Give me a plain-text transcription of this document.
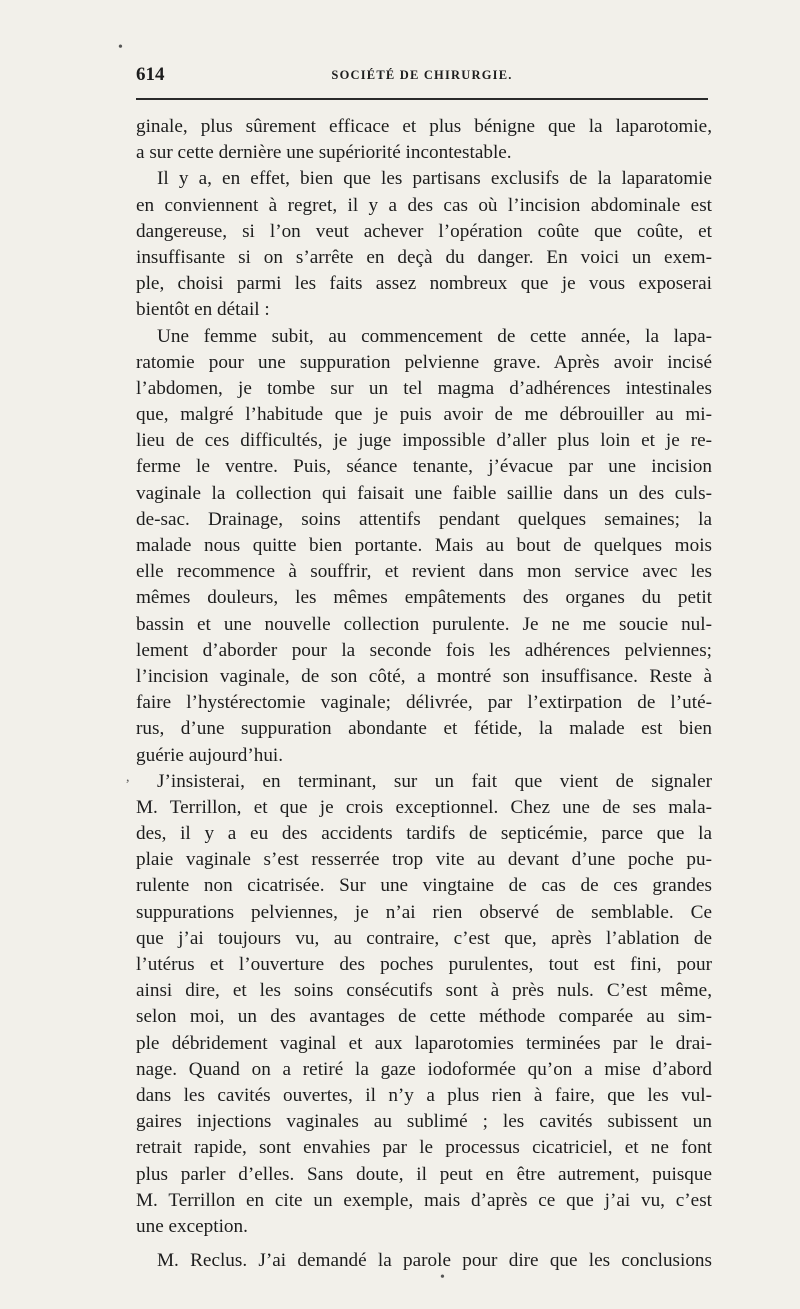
•
614	SOCIÉTÉ DE CHIRURGIE.
ginale, plus sûrement efficace et plus bénigne que la laparotomie,
a sur cette dernière une supériorité incontestable.
Il y a, en effet, bien que les partisans exclusifs de la laparatomie
en conviennent à regret, il y a des cas où l’incision abdominale est
dangereuse, si l’on veut achever l’opération coûte que coûte, et
insuffisante si on s’arrête en deçà du danger. En voici un exem-
ple, choisi parmi les faits assez nombreux que je vous exposerai
bientôt en détail :
Une femme subit, au commencement de cette année, la lapa-
ratomie pour une suppuration pelvienne grave. Après avoir incisé
l’abdomen, je tombe sur un tel magma d’adhérences intestinales
que, malgré l’habitude que je puis avoir de me débrouiller au mi-
lieu de ces difficultés, je juge impossible d’aller plus loin et je re-
ferme le ventre. Puis, séance tenante, j’évacue par une incision
vaginale la collection qui faisait une faible saillie dans un des culs-
de-sac. Drainage, soins attentifs pendant quelques semaines; la
malade nous quitte bien portante. Mais au bout de quelques mois
elle recommence à souffrir, et revient dans mon service avec les
mêmes douleurs, les mêmes empâtements des organes du petit
bassin et une nouvelle collection purulente. Je ne me soucie nul-
lement d’aborder pour la seconde fois les adhérences pelviennes;
l’incision vaginale, de son côté, a montré son insuffisance. Reste à
faire l’hystérectomie vaginale; délivrée, par l’extirpation de l’uté-
rus, d’une suppuration abondante et fétide, la malade est bien
guérie aujourd’hui.
J’insisterai, en terminant, sur un fait que vient de signaler
M. Terrillon, et que je crois exceptionnel. Chez une de ses mala-
des, il y a eu des accidents tardifs de septicémie, parce que la
plaie vaginale s’est resserrée trop vite au devant d’une poche pu-
rulente non cicatrisée. Sur une vingtaine de cas de ces grandes
suppurations pelviennes, je n’ai rien observé de semblable. Ce
que j’ai toujours vu, au contraire, c’est que, après l’ablation de
l’utérus et l’ouverture des poches purulentes, tout est fini, pour
ainsi dire, et les soins consécutifs sont à près nuls. C’est même,
selon moi, un des avantages de cette méthode comparée au sim-
ple débridement vaginal et aux laparotomies terminées par le drai-
nage. Quand on a retiré la gaze iodoformée qu’on a mise d’abord
dans les cavités ouvertes, il n’y a plus rien à faire, que les vul-
gaires injections vaginales au sublimé ; les cavités subissent un
retrait rapide, sont envahies par le processus cicatriciel, et ne font
plus parler d’elles. Sans doute, il peut en être autrement, puisque
M. Terrillon en cite un exemple, mais d’après ce que j’ai vu, c’est
une exception.
M. Reclus. J’ai demandé la parole pour dire que les conclusions
,
•
